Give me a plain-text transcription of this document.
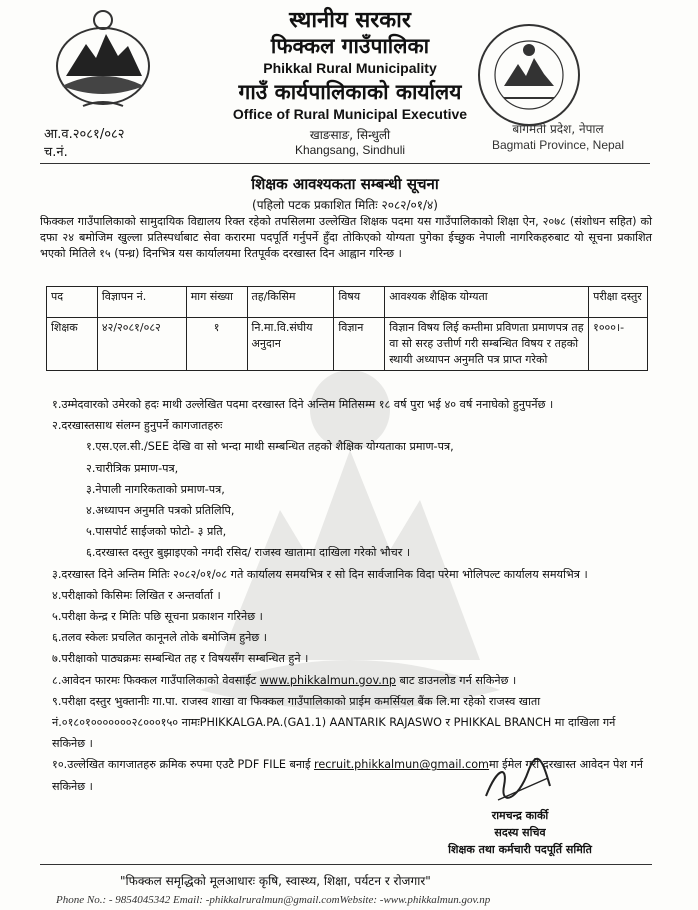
स्थानीय सरकार
फिक्कल गाउँपालिका
Phikkal Rural Municipality
गाउँ कार्यपालिकाको कार्यालय
Office of Rural Municipal Executive
खाङसाङ, सिन्धुली
Khangsang, Sindhuli
आ.व.२०८१/०८२
च.नं.
बागमती प्रदेश, नेपाल
Bagmati Province, Nepal
शिक्षक आवश्यकता सम्बन्धी सूचना
(पहिलो पटक प्रकाशित मितिः २०८२/०१/४)
फिक्कल गाउँपालिकाको सामुदायिक विद्यालय रिक्त रहेको तपसिलमा उल्लेखित शिक्षक पदमा यस गाउँपालिकाको शिक्षा ऐन, २०७८ (संशोधन सहित) को दफा २४ बमोजिम खुल्ला प्रतिस्पर्धाबाट सेवा करारमा पदपूर्ति गर्नुपर्ने हुँदा तोकिएको योग्यता पुगेका ईच्छुक नेपाली नागरिकहरुबाट यो सूचना प्रकाशित भएको मितिले १५ (पन्ध्र) दिनभित्र यस कार्यालयमा रितपूर्वक दरखास्त दिन आह्वान गरिन्छ ।
पद	विज्ञापन नं.	माग संख्या	तह/किसिम	विषय	आवश्यक शैक्षिक योग्यता	परीक्षा दस्तुर
शिक्षक	४२/२०८१/०८२	१	नि.मा.वि.संघीय अनुदान	विज्ञान	विज्ञान विषय लिई कम्तीमा प्रविणता प्रमाणपत्र तह वा सो सरह उत्तीर्ण गरी सम्बन्धित विषय र तहको स्थायी अध्यापन अनुमति पत्र प्राप्त गरेको	१०००।-
१.उम्मेदवारको उमेरको हदः माथी उल्लेखित पदमा दरखास्त दिने अन्तिम मितिसम्म १८ वर्ष पुरा भई ४० वर्ष ननाघेको हुनुपर्नेछ ।
२.दरखास्तसाथ संलग्न हुनुपर्ने कागजातहरुः
१.एस.एल.सी./SEE देखि वा सो भन्दा माथी सम्बन्धित तहको शैक्षिक योग्यताका प्रमाण-पत्र,
२.चारीत्रिक प्रमाण-पत्र,
३.नेपाली नागरिकताको प्रमाण-पत्र,
४.अध्यापन अनुमति पत्रको प्रतिलिपि,
५.पासपोर्ट साईजको फोटो- ३ प्रति,
६.दरखास्त दस्तुर बुझाइएको नगदी रसिद/ राजस्व खातामा दाखिला गरेको भौचर ।
३.दरखास्त दिने अन्तिम मितिः २०८२/०१/०८ गते कार्यालय समयभित्र र सो दिन सार्वजानिक विदा परेमा भोलिपल्ट कार्यालय समयभित्र ।
४.परीक्षाको किसिमः लिखित र अन्तर्वार्ता ।
५.परीक्षा केन्द्र र मितिः पछि सूचना प्रकाशन गरिनेछ ।
६.तलव स्केलः प्रचलित कानूनले तोके बमोजिम हुनेछ ।
७.परीक्षाको पाठ्यक्रमः सम्बन्धित तह र विषयसँग सम्बन्धित हुने ।
८.आवेदन फारमः फिक्कल गाउँपालिकाको वेवसाईट www.phikkalmun.gov.np बाट डाउनलोड गर्न सकिनेछ ।
९.परीक्षा दस्तुर भुक्तानीः गा.पा. राजस्व शाखा वा फिक्कल गाउँपालिकाको प्राईम कमर्सियल बैंक लि.मा रहेको राजस्व खाता नं.०१८०१०००००००२८०००१५० नामःPHIKKALGA.PA.(GA1.1) AANTARIK RAJASWO र PHIKKAL BRANCH मा दाखिला गर्न सकिनेछ ।
१०.उल्लेखित कागजातहरु क्रमिक रुपमा एउटै PDF FILE बनाई recruit.phikkalmun@gmail.comमा ईमेल गरी दरखास्त आवेदन पेश गर्न सकिनेछ ।
रामचन्द्र कार्की
सदस्य सचिव
शिक्षक तथा कर्मचारी पदपूर्ति समिति
"फिक्कल समृद्धिको मूलआधारः कृषि, स्वास्थ्य, शिक्षा, पर्यटन र रोजगार"
Phone No.: - 9854045342 Email: -phikkalruralmun@gmail.comWebsite: -www.phikkalmun.gov.np
